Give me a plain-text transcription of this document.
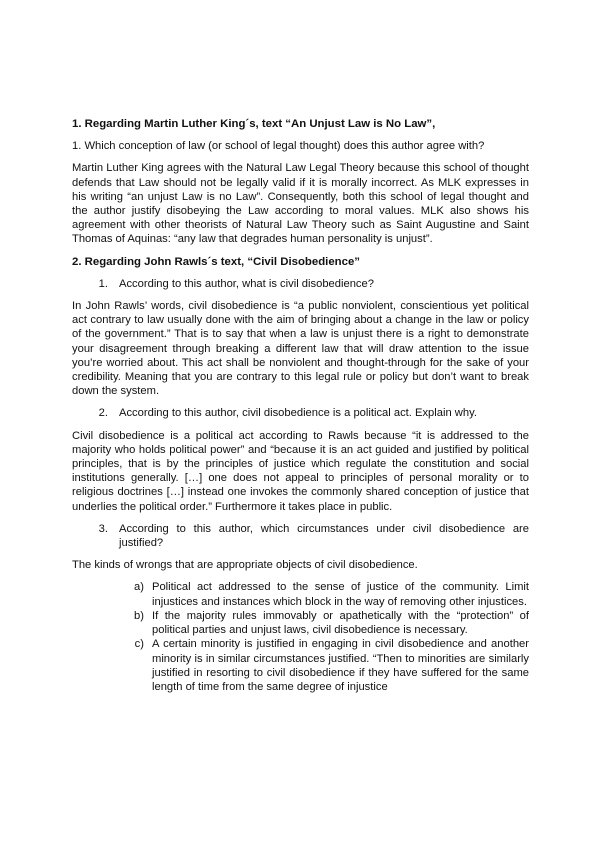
1. Regarding Martin Luther King´s, text “An Unjust Law is No Law”,
1. Which conception of law (or school of legal thought) does this author agree with?
Martin Luther King agrees with the Natural Law Legal Theory because this school of thought defends that Law should not be legally valid if it is morally incorrect. As MLK expresses in his writing “an unjust Law is no Law”. Consequently, both this school of legal thought and the author justify disobeying the Law according to moral values. MLK also shows his agreement with other theorists of Natural Law Theory such as Saint Augustine and Saint Thomas of Aquinas: “any law that degrades human personality is unjust”.
2. Regarding John Rawls´s text, “Civil Disobedience”
1. According to this author, what is civil disobedience?
In John Rawls’ words, civil disobedience is “a public nonviolent, conscientious yet political act contrary to law usually done with the aim of bringing about a change in the law or policy of the government.” That is to say that when a law is unjust there is a right to demonstrate your disagreement through breaking a different law that will draw attention to the issue you’re worried about. This act shall be nonviolent and thought-through for the sake of your credibility. Meaning that you are contrary to this legal rule or policy but don’t want to break down the system.
2. According to this author, civil disobedience is a political act. Explain why.
Civil disobedience is a political act according to Rawls because “it is addressed to the majority who holds political power” and “because it is an act guided and justified by political principles, that is by the principles of justice which regulate the constitution and social institutions generally. […] one does not appeal to principles of personal morality or to religious doctrines […] instead one invokes the commonly shared conception of justice that underlies the political order.” Furthermore it takes place in public.
3. According to this author, which circumstances under civil disobedience are justified?
The kinds of wrongs that are appropriate objects of civil disobedience.
a) Political act addressed to the sense of justice of the community. Limit injustices and instances which block in the way of removing other injustices.
b) If the majority rules immovably or apathetically with the “protection” of political parties and unjust laws, civil disobedience is necessary.
c) A certain minority is justified in engaging in civil disobedience and another minority is in similar circumstances justified. “Then to minorities are similarly justified in resorting to civil disobedience if they have suffered for the same length of time from the same degree of injustice
